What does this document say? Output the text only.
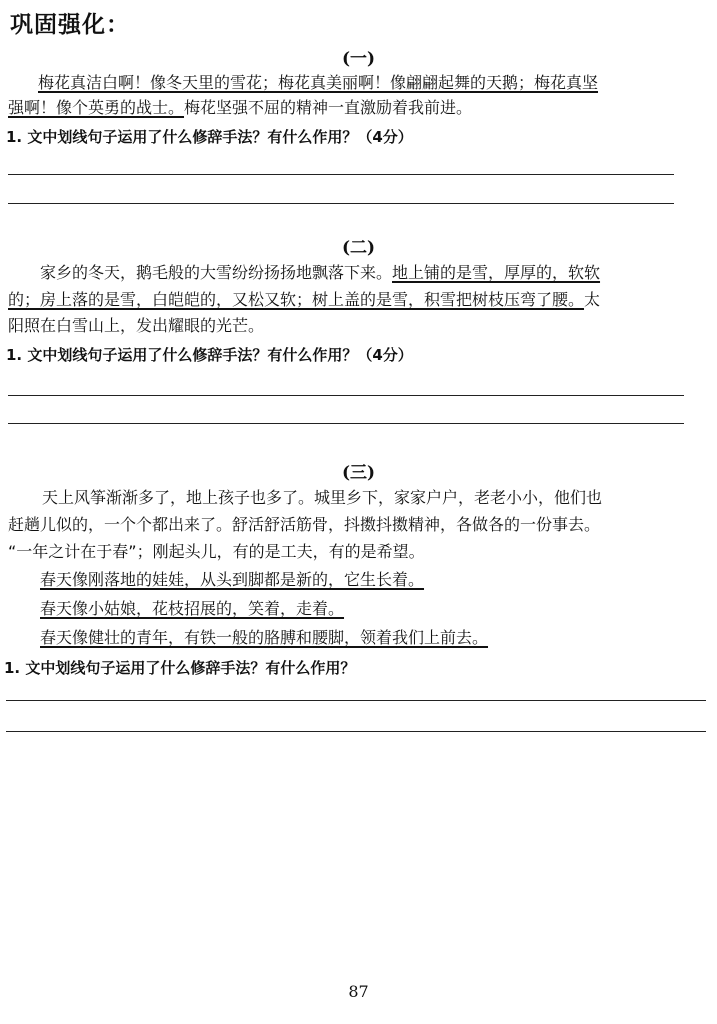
巩固强化：
(一)
梅花真洁白啊！像冬天里的雪花；梅花真美丽啊！像翩翩起舞的天鹅；梅花真坚
强啊！像个英勇的战士。梅花坚强不屈的精神一直激励着我前进。
1. 文中划线句子运用了什么修辞手法？有什么作用？（4分）
(二)
家乡的冬天，鹅毛般的大雪纷纷扬扬地飘落下来。地上铺的是雪，厚厚的，软软
的；房上落的是雪，白皑皑的，又松又软；树上盖的是雪，积雪把树枝压弯了腰。太
阳照在白雪山上，发出耀眼的光芒。
1. 文中划线句子运用了什么修辞手法？有什么作用？（4分）
(三)
天上风筝渐渐多了，地上孩子也多了。城里乡下，家家户户，老老小小，他们也
赶趟儿似的，一个个都出来了。舒活舒活筋骨，抖擞抖擞精神，各做各的一份事去。
“一年之计在于春”；刚起头儿，有的是工夫，有的是希望。
春天像刚落地的娃娃，从头到脚都是新的，它生长着。
春天像小姑娘，花枝招展的，笑着，走着。
春天像健壮的青年，有铁一般的胳膊和腰脚，领着我们上前去。
1. 文中划线句子运用了什么修辞手法？有什么作用？
87
